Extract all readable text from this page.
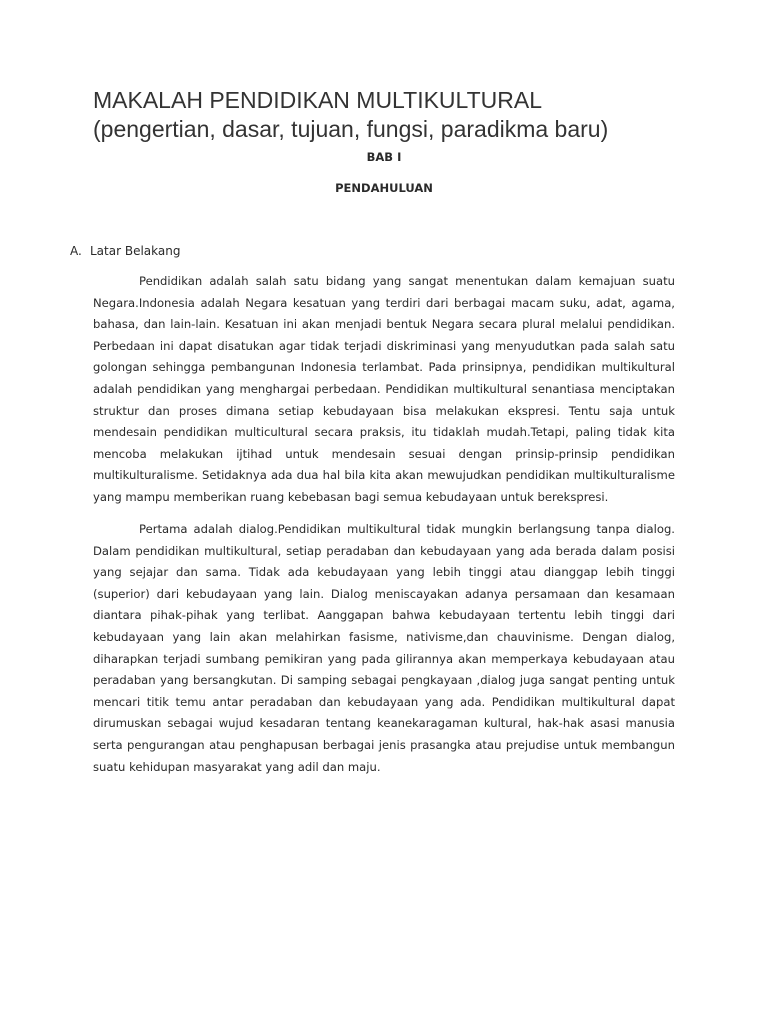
MAKALAH PENDIDIKAN MULTIKULTURAL
(pengertian, dasar, tujuan, fungsi, paradikma baru)

BAB I

PENDAHULUAN

A. Latar Belakang

Pendidikan adalah salah satu bidang yang sangat menentukan dalam kemajuan suatu Negara.Indonesia adalah Negara kesatuan yang terdiri dari berbagai macam suku, adat, agama, bahasa, dan lain-lain. Kesatuan ini akan menjadi bentuk Negara secara plural melalui pendidikan. Perbedaan ini dapat disatukan agar tidak terjadi diskriminasi yang menyudutkan pada salah satu golongan sehingga pembangunan Indonesia terlambat. Pada prinsipnya, pendidikan multikultural adalah pendidikan yang menghargai perbedaan. Pendidikan multikultural senantiasa menciptakan struktur dan proses dimana setiap kebudayaan bisa melakukan ekspresi. Tentu saja untuk mendesain pendidikan multicultural secara praksis, itu tidaklah mudah.Tetapi, paling tidak kita mencoba melakukan ijtihad untuk mendesain sesuai dengan prinsip-prinsip pendidikan multikulturalisme. Setidaknya ada dua hal bila kita akan mewujudkan pendidikan multikulturalisme yang mampu memberikan ruang kebebasan bagi semua kebudayaan untuk berekspresi.

Pertama adalah dialog.Pendidikan multikultural tidak mungkin berlangsung tanpa dialog. Dalam pendidikan multikultural, setiap peradaban dan kebudayaan yang ada berada dalam posisi yang sejajar dan sama. Tidak ada kebudayaan yang lebih tinggi atau dianggap lebih tinggi (superior) dari kebudayaan yang lain. Dialog meniscayakan adanya persamaan dan kesamaan diantara pihak-pihak yang terlibat. Aanggapan bahwa kebudayaan tertentu lebih tinggi dari kebudayaan yang lain akan melahirkan fasisme, nativisme,dan chauvinisme. Dengan dialog, diharapkan terjadi sumbang pemikiran yang pada gilirannya akan memperkaya kebudayaan atau peradaban yang bersangkutan. Di samping sebagai pengkayaan ,dialog juga sangat penting untuk mencari titik temu antar peradaban dan kebudayaan yang ada. Pendidikan multikultural dapat dirumuskan sebagai wujud kesadaran tentang keanekaragaman kultural, hak-hak asasi manusia serta pengurangan atau penghapusan berbagai jenis prasangka atau prejudise untuk membangun suatu kehidupan masyarakat yang adil dan maju.
